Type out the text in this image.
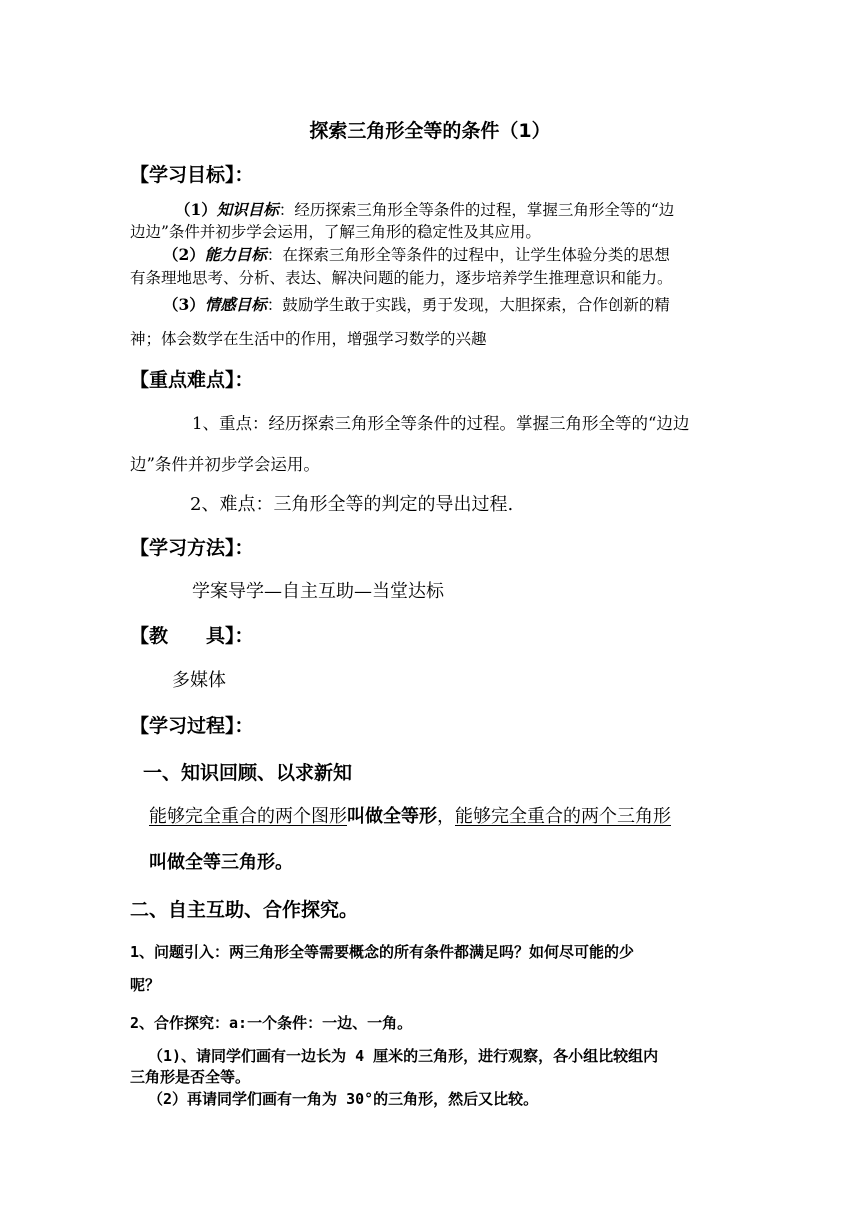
探索三角形全等的条件（1）
【学习目标】：
（1）知识目标：经历探索三角形全等条件的过程，掌握三角形全等的“边
边边”条件并初步学会运用，了解三角形的稳定性及其应用。
（2）能力目标：在探索三角形全等条件的过程中，让学生体验分类的思想
有条理地思考、分析、表达、解决问题的能力，逐步培养学生推理意识和能力。
（3）情感目标：鼓励学生敢于实践，勇于发现，大胆探索，合作创新的精
神；体会数学在生活中的作用，增强学习数学的兴趣
【重点难点】：
1、重点：经历探索三角形全等条件的过程。掌握三角形全等的“边边
边”条件并初步学会运用。
2、难点：三角形全等的判定的导出过程.
【学习方法】：
学案导学—自主互助—当堂达标
【教　　具】：
多媒体
【学习过程】：
一、知识回顾、以求新知
能够完全重合的两个图形叫做全等形，能够完全重合的两个三角形
叫做全等三角形。
二、自主互助、合作探究。
1、问题引入：两三角形全等需要概念的所有条件都满足吗？如何尽可能的少
呢？
2、合作探究：a:一个条件：一边、一角。
（1)、请同学们画有一边长为 4 厘米的三角形，进行观察，各小组比较组内
三角形是否全等。
（2）再请同学们画有一角为 30°的三角形，然后又比较。
